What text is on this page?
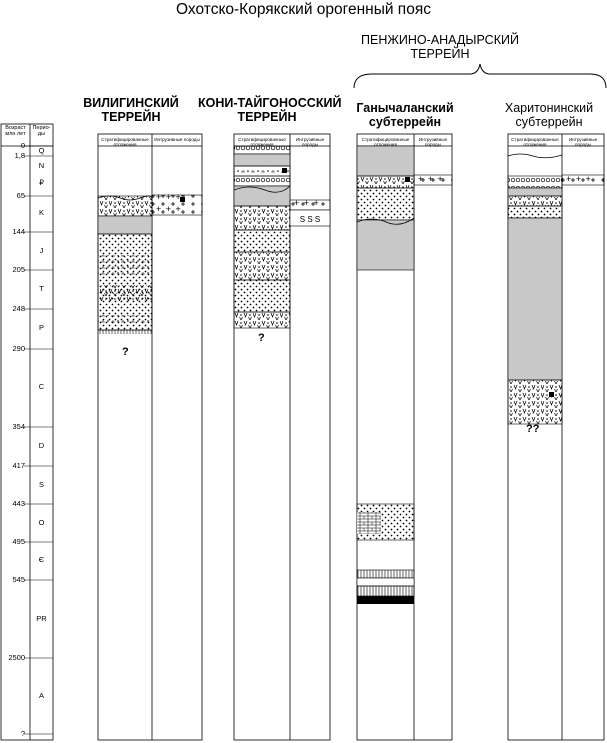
Охотско-Корякский орогенный пояс
ВИЛИГИНСКИЙ
ТЕРРЕЙН
КОНИ-ТАЙГОНОССКИЙ
ТЕРРЕЙН
ПЕНЖИНО-АНАДЫРСКИЙ
ТЕРРЕЙН
Ганычаланский
субтеррейн
Харитонинский
субтеррейн
S S S
Возраст млн лет
Перио-ды
Стратифицированные отложения
Интрузивные породы	Стратифицированные отложения
Интрузивные породы
Стратифицированные отложения
Интрузивные породы
Стратифицированные отложения
Интрузивные породы
+ + +
+ + +
+ + +
+ + +	+ + +
?
?
??
0
1,8
65
144
205
248
290
354
417
443
495
545
2500
?
Q
N
₽
K
J
T
P
C
D
S
O
Є
PR
A
